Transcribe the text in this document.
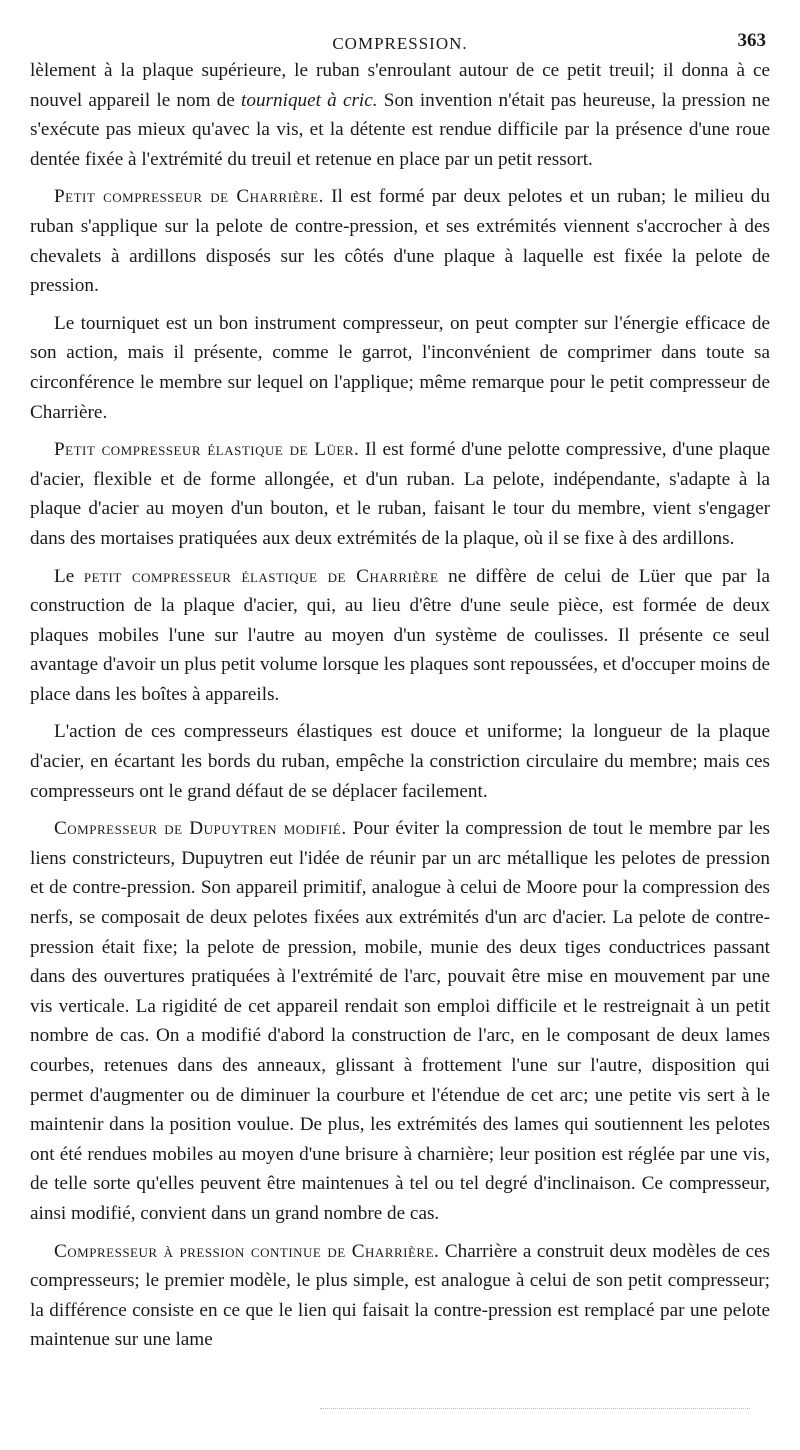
COMPRESSION.	363

lèlement à la plaque supérieure, le ruban s'enroulant autour de ce petit treuil; il donna à ce nouvel appareil le nom de tourniquet à cric. Son invention n'était pas heureuse, la pression ne s'exécute pas mieux qu'avec la vis, et la détente est rendue difficile par la présence d'une roue dentée fixée à l'extrémité du treuil et retenue en place par un petit ressort.

Petit compresseur de Charrière. Il est formé par deux pelotes et un ruban; le milieu du ruban s'applique sur la pelote de contre-pression, et ses extrémités viennent s'accrocher à des chevalets à ardillons disposés sur les côtés d'une plaque à laquelle est fixée la pelote de pression.

Le tourniquet est un bon instrument compresseur, on peut compter sur l'énergie efficace de son action, mais il présente, comme le garrot, l'inconvénient de comprimer dans toute sa circonférence le membre sur lequel on l'applique; même remarque pour le petit compresseur de Charrière.

Petit compresseur élastique de Lüer. Il est formé d'une pelotte compressive, d'une plaque d'acier, flexible et de forme allongée, et d'un ruban. La pelote, indépendante, s'adapte à la plaque d'acier au moyen d'un bouton, et le ruban, faisant le tour du membre, vient s'engager dans des mortaises pratiquées aux deux extrémités de la plaque, où il se fixe à des ardillons.

Le petit compresseur élastique de Charrière ne diffère de celui de Lüer que par la construction de la plaque d'acier, qui, au lieu d'être d'une seule pièce, est formée de deux plaques mobiles l'une sur l'autre au moyen d'un système de coulisses. Il présente ce seul avantage d'avoir un plus petit volume lorsque les plaques sont repoussées, et d'occuper moins de place dans les boîtes à appareils.

L'action de ces compresseurs élastiques est douce et uniforme; la longueur de la plaque d'acier, en écartant les bords du ruban, empêche la constriction circulaire du membre; mais ces compresseurs ont le grand défaut de se déplacer facilement.

Compresseur de Dupuytren modifié. Pour éviter la compression de tout le membre par les liens constricteurs, Dupuytren eut l'idée de réunir par un arc métallique les pelotes de pression et de contre-pression. Son appareil primitif, analogue à celui de Moore pour la compression des nerfs, se composait de deux pelotes fixées aux extrémités d'un arc d'acier. La pelote de contre-pression était fixe; la pelote de pression, mobile, munie des deux tiges conductrices passant dans des ouvertures pratiquées à l'extrémité de l'arc, pouvait être mise en mouvement par une vis verticale. La rigidité de cet appareil rendait son emploi difficile et le restreignait à un petit nombre de cas. On a modifié d'abord la construction de l'arc, en le composant de deux lames courbes, retenues dans des anneaux, glissant à frottement l'une sur l'autre, disposition qui permet d'augmenter ou de diminuer la courbure et l'étendue de cet arc; une petite vis sert à le maintenir dans la position voulue. De plus, les extrémités des lames qui soutiennent les pelotes ont été rendues mobiles au moyen d'une brisure à charnière; leur position est réglée par une vis, de telle sorte qu'elles peuvent être maintenues à tel ou tel degré d'inclinaison. Ce compresseur, ainsi modifié, convient dans un grand nombre de cas.

Compresseur à pression continue de Charrière. Charrière a construit deux modèles de ces compresseurs; le premier modèle, le plus simple, est analogue à celui de son petit compresseur; la différence consiste en ce que le lien qui faisait la contre-pression est remplacé par une pelote maintenue sur une lame
